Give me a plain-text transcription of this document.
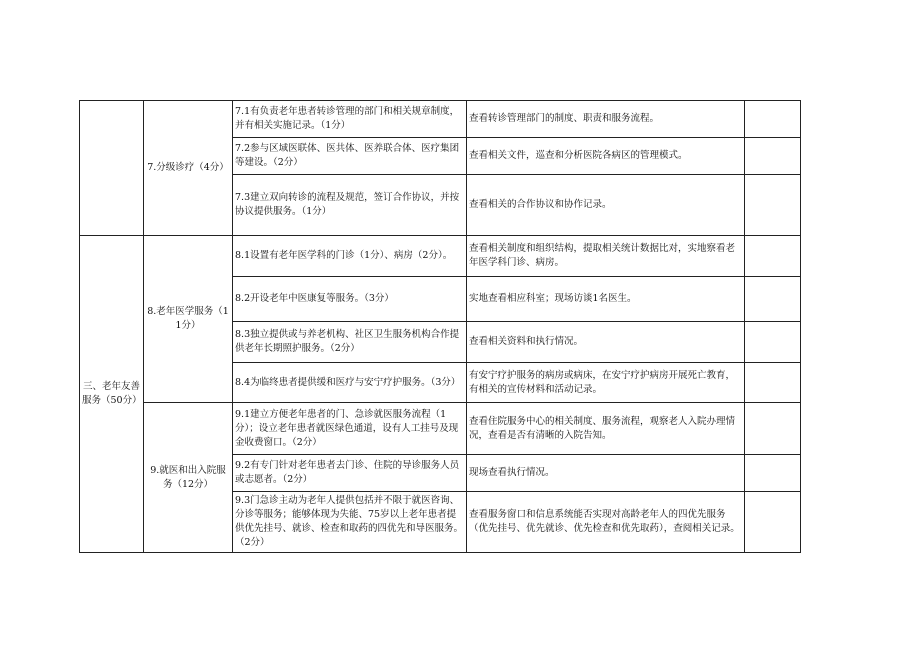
	7.分级诊疗（4分）	7.1有负责老年患者转诊管理的部门和相关规章制度，并有相关实施记录。（1分）	查看转诊管理部门的制度、职责和服务流程。	
		7.2参与区域医联体、医共体、医养联合体、医疗集团等建设。（2分）	查看相关文件，巡查和分析医院各病区的管理模式。	
		7.3建立双向转诊的流程及规范，签订合作协议，并按协议提供服务。（1分）	查看相关的合作协议和协作记录。	
三、老年友善服务（50分）	8.老年医学服务（11分）	8.1设置有老年医学科的门诊（1分）、病房（2分）。	查看相关制度和组织结构，提取相关统计数据比对，实地察看老年医学科门诊、病房。	
		8.2开设老年中医康复等服务。（3分）	实地查看相应科室；现场访谈1名医生。	
		8.3独立提供或与养老机构、社区卫生服务机构合作提供老年长期照护服务。（2分）	查看相关资料和执行情况。	
		8.4为临终患者提供缓和医疗与安宁疗护服务。（3分）	有安宁疗护服务的病房或病床，在安宁疗护病房开展死亡教育，有相关的宣传材料和活动记录。	
	9.就医和出入院服务（12分）	9.1建立方便老年患者的门、急诊就医服务流程（1分）；设立老年患者就医绿色通道，设有人工挂号及现金收费窗口。（2分）	查看住院服务中心的相关制度、服务流程，观察老人入院办理情况，查看是否有清晰的入院告知。	
		9.2有专门针对老年患者去门诊、住院的导诊服务人员或志愿者。（2分）	现场查看执行情况。	
		9.3门急诊主动为老年人提供包括并不限于就医咨询、分诊等服务；能够体现为失能、75岁以上老年患者提供优先挂号、就诊、检查和取药的四优先和导医服务。（2分）	查看服务窗口和信息系统能否实现对高龄老年人的四优先服务（优先挂号、优先就诊、优先检查和优先取药），查阅相关记录。	
